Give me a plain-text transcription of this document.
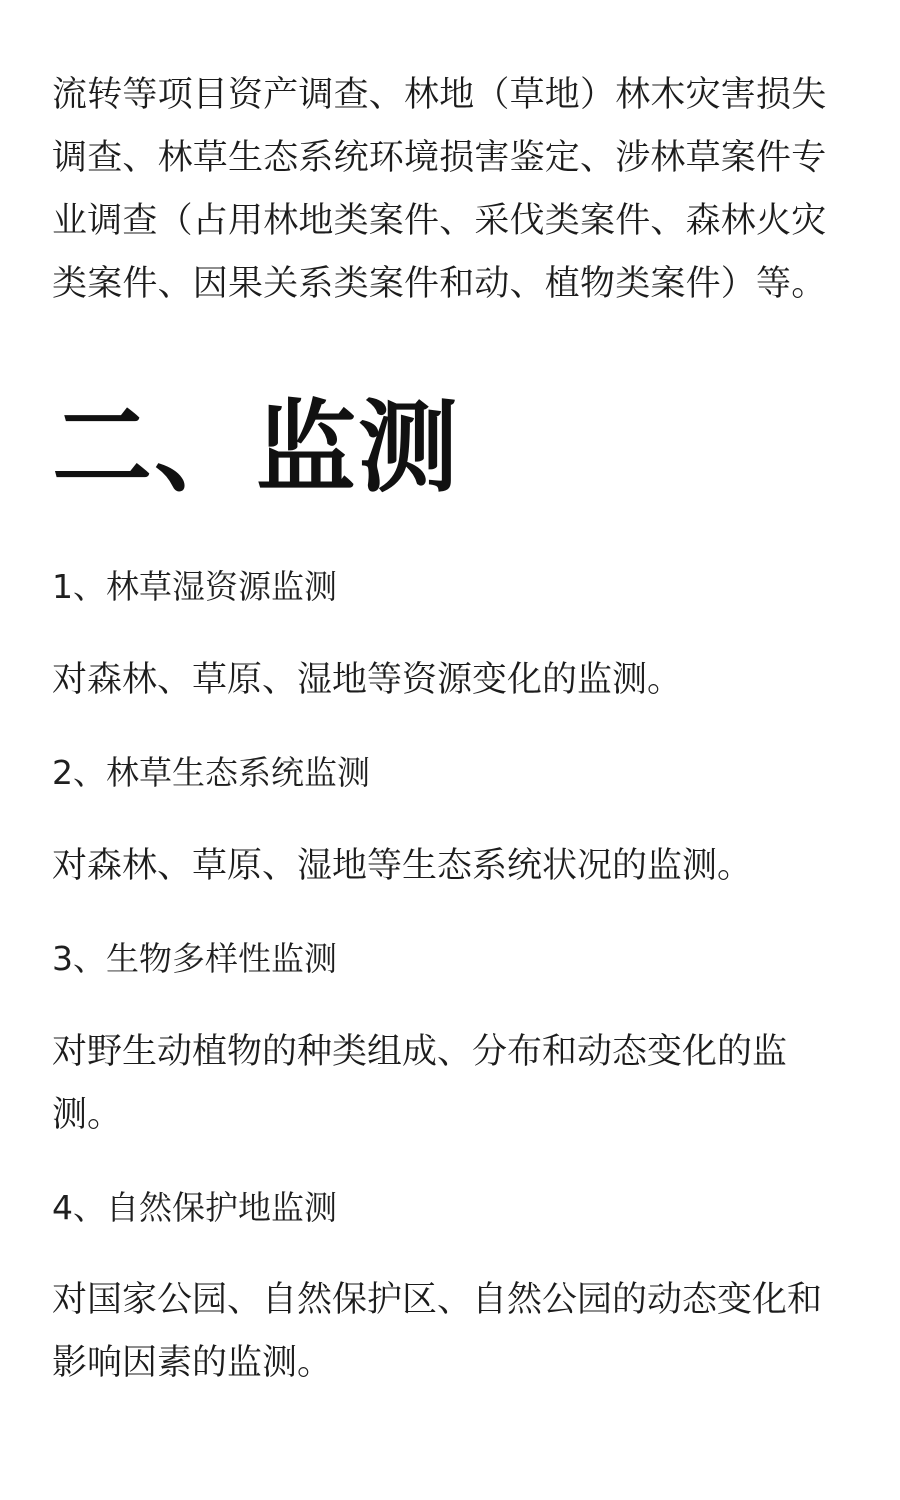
流转等项目资产调查、林地（草地）林木灾害损失

调查、林草生态系统环境损害鉴定、涉林草案件专

业调查（占用林地类案件、采伐类案件、森林火灾

类案件、因果关系类案件和动、植物类案件）等。

二、监测

1、林草湿资源监测

对森林、草原、湿地等资源变化的监测。

2、林草生态系统监测

对森林、草原、湿地等生态系统状况的监测。

3、生物多样性监测

对野生动植物的种类组成、分布和动态变化的监

测。

4、自然保护地监测

对国家公园、自然保护区、自然公园的动态变化和

影响因素的监测。
